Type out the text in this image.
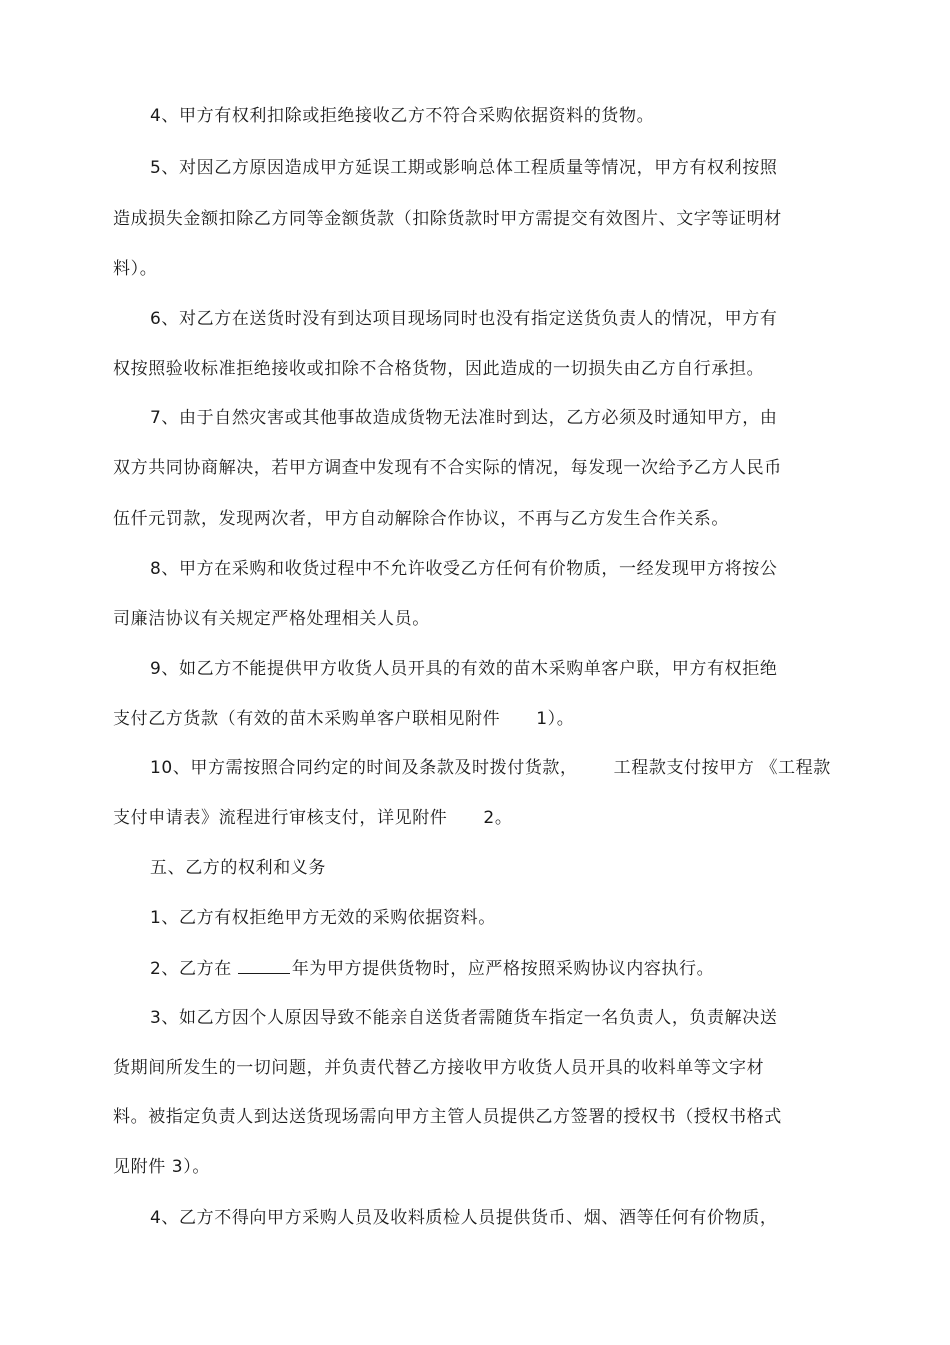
4、甲方有权利扣除或拒绝接收乙方不符合采购依据资料的货物。
5、对因乙方原因造成甲方延误工期或影响总体工程质量等情况，甲方有权利按照
造成损失金额扣除乙方同等金额货款（扣除货款时甲方需提交有效图片、文字等证明材
料）。
6、对乙方在送货时没有到达项目现场同时也没有指定送货负责人的情况，甲方有
权按照验收标准拒绝接收或扣除不合格货物，因此造成的一切损失由乙方自行承担。
7、由于自然灾害或其他事故造成货物无法准时到达，乙方必须及时通知甲方，由
双方共同协商解决，若甲方调查中发现有不合实际的情况，每发现一次给予乙方人民币
伍仟元罚款，发现两次者，甲方自动解除合作协议，不再与乙方发生合作关系。
8、甲方在采购和收货过程中不允许收受乙方任何有价物质，一经发现甲方将按公
司廉洁协议有关规定严格处理相关人员。
9、如乙方不能提供甲方收货人员开具的有效的苗木采购单客户联，甲方有权拒绝
支付乙方货款（有效的苗木采购单客户联相见附件      1）。
10、甲方需按照合同约定的时间及条款及时拨付货款，      工程款支付按甲方 《工程款
支付申请表》流程进行审核支付，详见附件      2。
五、乙方的权利和义务
1、乙方有权拒绝甲方无效的采购依据资料。
2、乙方在	年为甲方提供货物时，应严格按照采购协议内容执行。
3、如乙方因个人原因导致不能亲自送货者需随货车指定一名负责人，负责解决送
货期间所发生的一切问题，并负责代替乙方接收甲方收货人员开具的收料单等文字材
料。被指定负责人到达送货现场需向甲方主管人员提供乙方签署的授权书（授权书格式
见附件 3）。
4、乙方不得向甲方采购人员及收料质检人员提供货币、烟、酒等任何有价物质，
